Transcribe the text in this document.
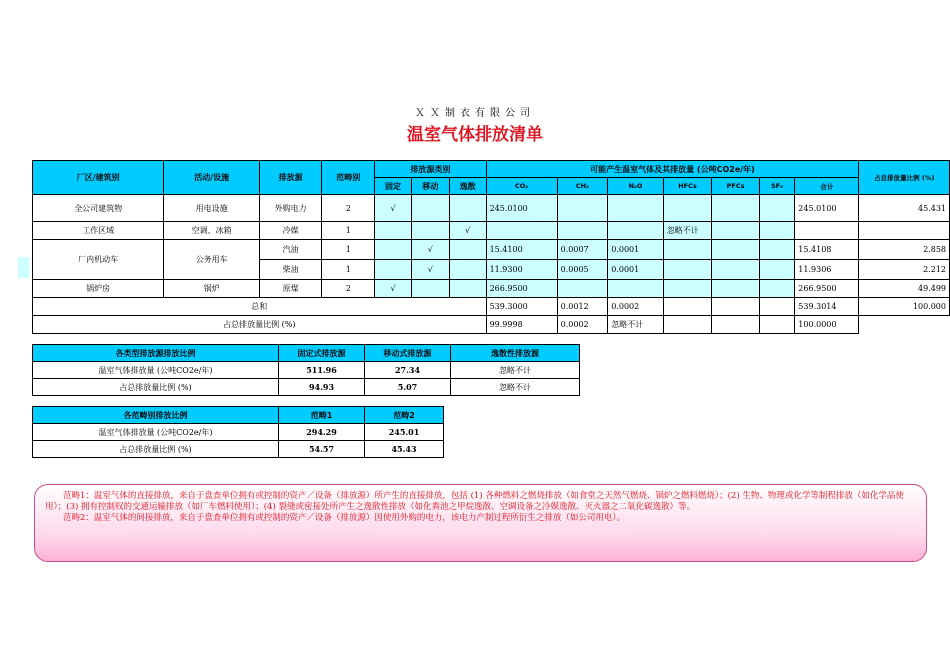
ＸＸ制衣有限公司
温室气体排放清单
厂区/建筑别	活动/设施	排放源	范畴别	排放源类别			可能产生温室气体及其排放量 (公吨CO2e/年)							占总排放量比例 (%)
				固定	移动	逸散	CO₂	CH₄	N₂O	HFCs	PFCs	SF₆	合计	
全公司建筑物	用电设施	外购电力	2	√			245.0100						245.0100	45.431
工作区域	空调、冰箱	冷媒	1			√				忽略不计				
厂内机动车	公务用车	汽油	1		√		15.4100	0.0007	0.0001				15.4108	2.858
		柴油	1		√		11.9300	0.0005	0.0001				11.9306	2.212
锅炉房	锅炉	原煤	2	√			266.9500						266.9500	49.499
总和							539.3000	0.0012	0.0002				539.3014	100.000
占总排放量比例 (%)							99.9998	0.0002	忽略不计				100.0000	
各类型排放源排放比例	固定式排放源	移动式排放源	逸散性排放源
温室气体排放量 (公吨CO2e/年)	511.96	27.34	忽略不计
占总排放量比例 (%)	94.93	5.07	忽略不计
各范畴别排放比例	范畴1	范畴2
温室气体排放量 (公吨CO2e/年)	294.29	245.01
占总排放量比例 (%)	54.57	45.43

范畴1：温室气体的直接排放，来自于盘查单位拥有或控制的资产／设备（排放源）所产生的直接排放，包括 (1) 各种燃料之燃烧排放（如食堂之天然气燃烧、锅炉之燃料燃烧）；(2) 生物、物理或化学等制程排放（如化学品使用）；(3) 拥有控制权的交通运输排放（如厂车燃料使用）；(4) 裂缝或密接处所产生之逸散性排放（如化粪池之甲烷逸散、空调设备之冷媒逸散、灭火器之二氧化碳逸散）等。

范畴2：温室气体的间接排放，来自于盘查单位拥有或控制的资产／设备（排放源）因使用外购的电力，该电力产制过程所衍生之排放（如公司用电）。
